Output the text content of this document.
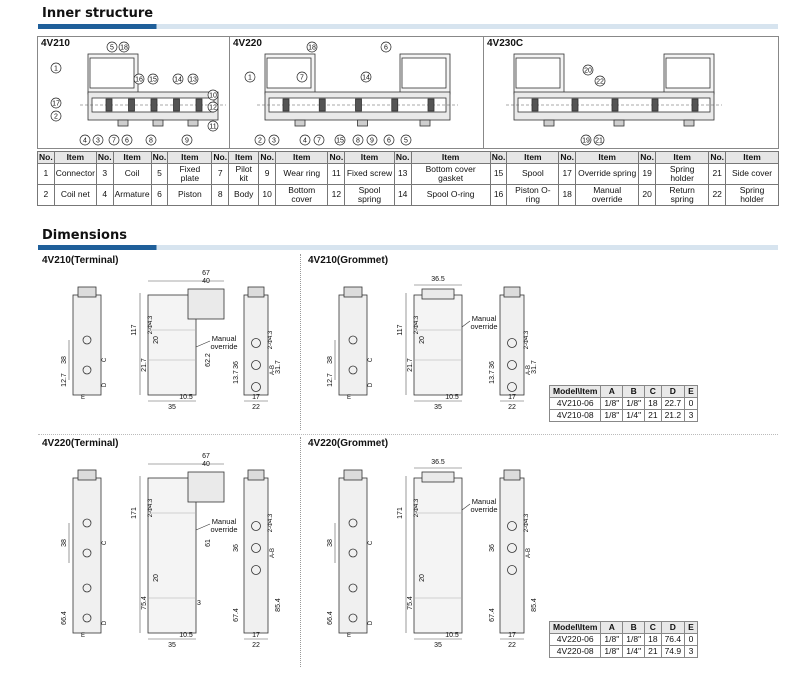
Inner structure
4V210
1
5 18
16 15 14 13
10
12
11
17
2
4 3 7 6	8	9
4V220	18	6
1	7	14
2 3	4 7 15 8 9 6 5
4V230C
20
22
19 21
No.	Item	No.	Item	No.	Item	No.	Item	No.	Item	No.	Item	No.	Item	No.	Item	No.	Item	No.	Item	No.	Item
1	Connector	3	Coil	5	Fixed plate	7	Pilot kit	9	Wear ring	11	Fixed screw	13	Bottom cover gasket	15	Spool	17	Override spring	19	Spring holder	21	Side cover
2	Coil net	4	Armature	6	Piston	8	Body	10	Bottom cover	12	Spool spring	14	Spool O-ring	16	Piston O-ring	18	Manual override	20	Return spring	22	Spring holder
Dimensions
4V210(Terminal)
38
12.7
C
D
E
40
67
117 2-Φ4.3
21.7
20
62.2
10.5
35
Manual
override	2-Φ4.3
A-B
36	31.7
13.7
17
22
4V210(Grommet)
38
12.7
C
D
E
36.5
117 2-Φ4.3
21.7
20
10.5
35
Manual
override
2-Φ4.3
A-B
36	31.7
13.7
17
22
4V220(Terminal)
38
66.4
C
D
E
40
67
171 2-Φ4.3
75.4
20
61
10.5
35
3
Manual
override	2-Φ4.3
A-B
36
85.4
67.4
17
22
4V220(Grommet)
38
66.4
C
D
E
36.5
171 2-Φ4.3
75.4
20
10.5
35
Manual
override
2-Φ4.3
A-B
36
85.4
67.4
17
22
Model\Item	A	B	C	D	E
4V210-06	1/8"	1/8"	18	22.7	0
4V210-08	1/8"	1/4"	21	21.2	3
Model\Item	A	B	C	D	E
4V220-06	1/8"	1/8"	18	76.4	0
4V220-08	1/8"	1/4"	21	74.9	3
